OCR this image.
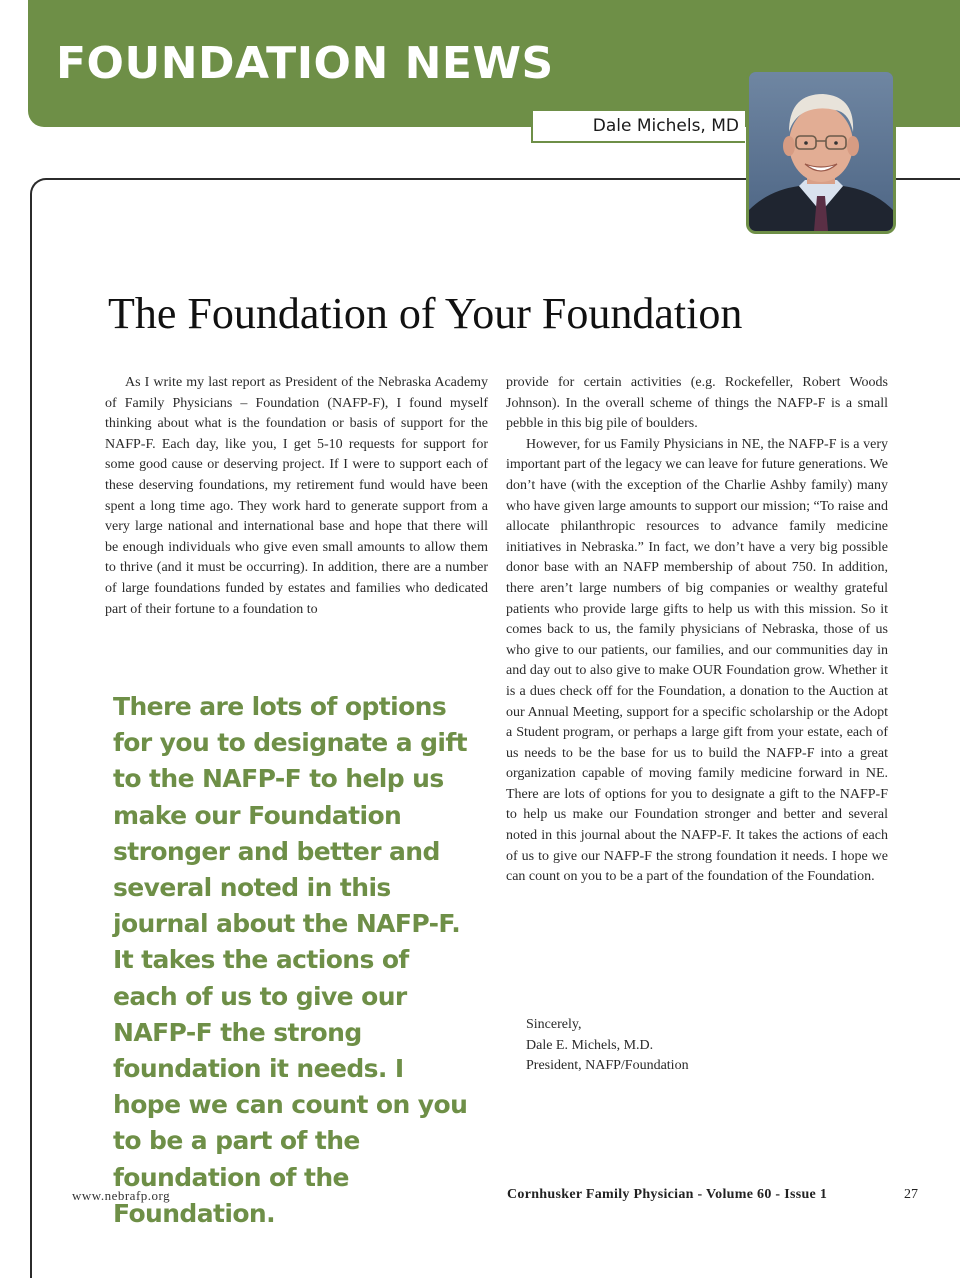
FOUNDATION NEWS
Dale Michels, MD
The Foundation of Your Foundation

As I write my last report as President of the Nebraska Academy of Family Physicians – Foundation (NAFP-F), I found myself thinking about what is the foundation or basis of support for the NAFP-F. Each day, like you, I get 5-10 requests for support for some good cause or deserving project. If I were to support each of these deserving foundations, my retirement fund would have been spent a long time ago. They work hard to generate support from a very large national and international base and hope that there will be enough individuals who give even small amounts to allow them to thrive (and it must be occurring). In addition, there are a number of large foundations funded by estates and families who dedicated part of their fortune to a foundation to

There are lots of options for you to designate a gift to the NAFP-F to help us make our Foundation stronger and better and several noted in this journal about the NAFP-F. It takes the actions of each of us to give our NAFP-F the strong foundation it needs. I hope we can count on you to be a part of the foundation of the Foundation.

provide for certain activities (e.g. Rockefeller, Robert Woods Johnson). In the overall scheme of things the NAFP-F is a small pebble in this big pile of boulders.

However, for us Family Physicians in NE, the NAFP-F is a very important part of the legacy we can leave for future generations. We don’t have (with the exception of the Charlie Ashby family) many who have given large amounts to support our mission; “To raise and allocate philanthropic resources to advance family medicine initiatives in Nebraska.” In fact, we don’t have a very big possible donor base with an NAFP membership of about 750. In addition, there aren’t large numbers of big companies or wealthy grateful patients who provide large gifts to help us with this mission. So it comes back to us, the family physicians of Nebraska, those of us who give to our patients, our families, and our communities day in and day out to also give to make OUR Foundation grow. Whether it is a dues check off for the Foundation, a donation to the Auction at our Annual Meeting, support for a specific scholarship or the Adopt a Student program, or perhaps a large gift from your estate, each of us needs to be the base for us to build the NAFP-F into a great organization capable of moving family medicine forward in NE. There are lots of options for you to designate a gift to the NAFP-F to help us make our Foundation stronger and better and several noted in this journal about the NAFP-F. It takes the actions of each of us to give our NAFP-F the strong foundation it needs. I hope we can count on you to be a part of the foundation of the Foundation.

Sincerely,
Dale E. Michels, M.D.
President, NAFP/Foundation
www.nebrafp.org	Cornhusker Family Physician - Volume 60 - Issue 1	27
